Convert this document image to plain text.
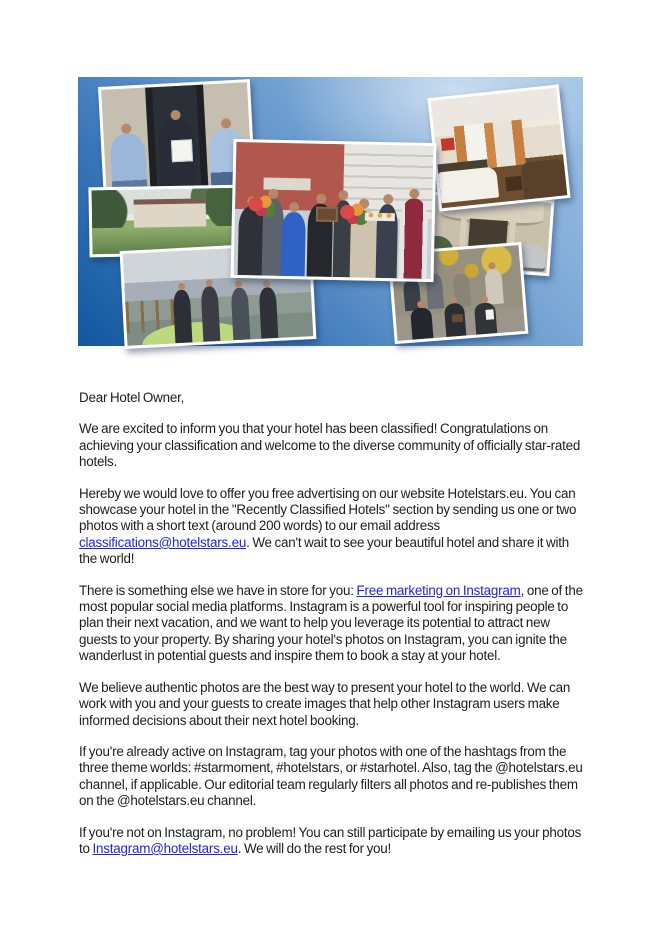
Dear Hotel Owner,

We are excited to inform you that your hotel has been classified! Congratulations on achieving your classification and welcome to the diverse community of officially star-rated hotels.

Hereby we would love to offer you free advertising on our website Hotelstars.eu. You can showcase your hotel in the "Recently Classified Hotels" section by sending us one or two photos with a short text (around 200 words) to our email address classifications@hotelstars.eu. We can't wait to see your beautiful hotel and share it with the world!

There is something else we have in store for you: Free marketing on Instagram, one of the most popular social media platforms. Instagram is a powerful tool for inspiring people to plan their next vacation, and we want to help you leverage its potential to attract new guests to your property. By sharing your hotel's photos on Instagram, you can ignite the wanderlust in potential guests and inspire them to book a stay at your hotel.

We believe authentic photos are the best way to present your hotel to the world. We can work with you and your guests to create images that help other Instagram users make informed decisions about their next hotel booking.

If you're already active on Instagram, tag your photos with one of the hashtags from the three theme worlds: #starmoment, #hotelstars, or #starhotel. Also, tag the @hotelstars.eu channel, if applicable. Our editorial team regularly filters all photos and re-publishes them on the @hotelstars.eu channel.

If you're not on Instagram, no problem! You can still participate by emailing us your photos to Instagram@hotelstars.eu. We will do the rest for you!
